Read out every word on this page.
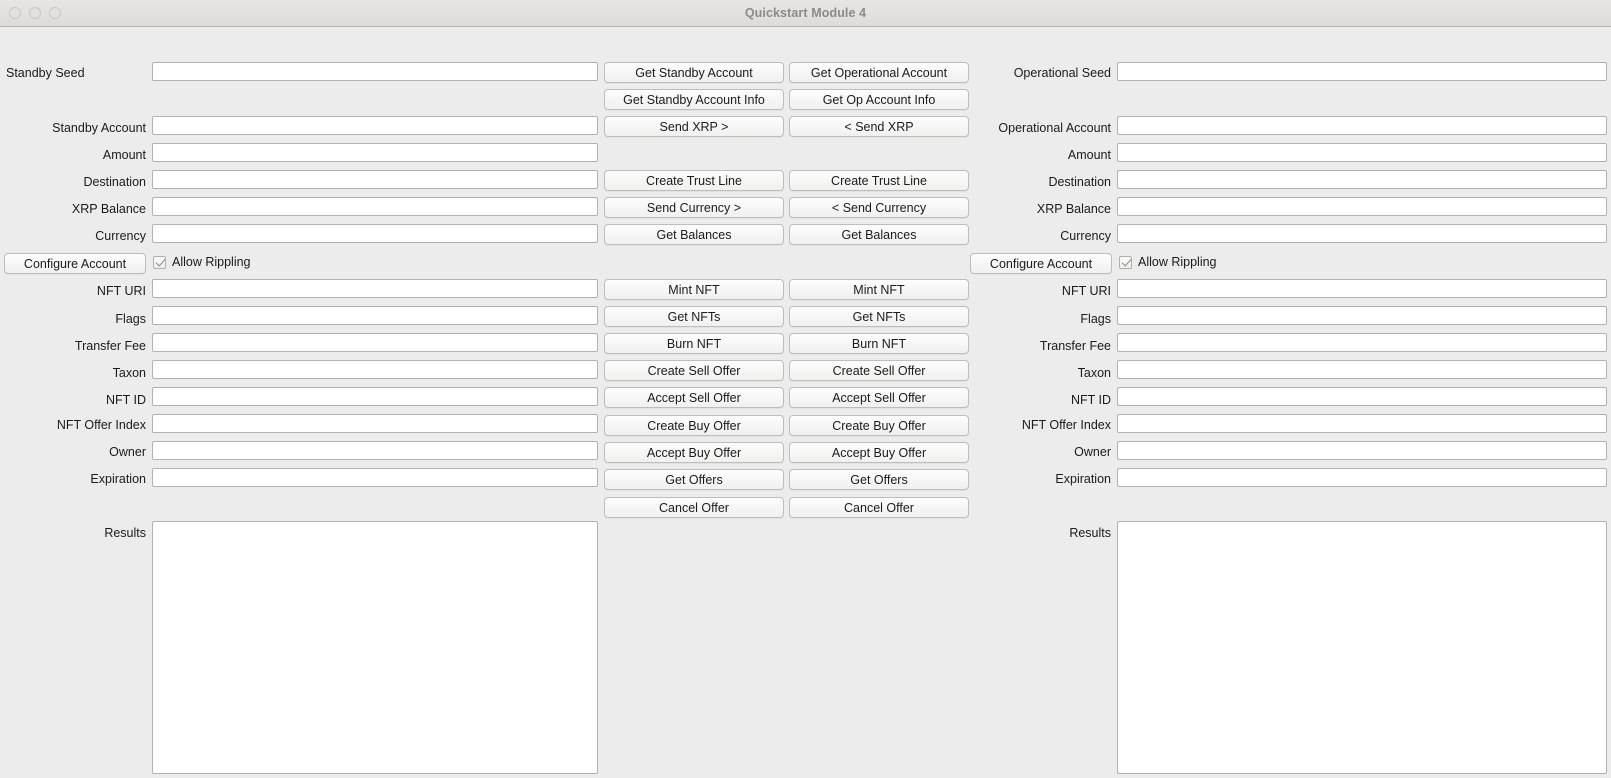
Quickstart Module 4
Standby Seed
Standby Account
Amount
Destination
XRP Balance
Currency
NFT URI
Flags
Transfer Fee
Taxon
NFT ID
NFT Offer Index
Owner
Expiration
Results
Configure Account	Allow Rippling
Get Standby Account
Get Standby Account Info
Send XRP >
Create Trust Line
Send Currency >
Get Balances
Mint NFT
Get NFTs
Burn NFT
Create Sell Offer
Accept Sell Offer
Create Buy Offer
Accept Buy Offer
Get Offers
Cancel Offer
Get Operational Account
Get Op Account Info
< Send XRP
Create Trust Line
< Send Currency
Get Balances
Mint NFT
Get NFTs
Burn NFT
Create Sell Offer
Accept Sell Offer
Create Buy Offer
Accept Buy Offer
Get Offers
Cancel Offer
Operational Seed
Operational Account
Amount
Destination
XRP Balance
Currency
NFT URI
Flags
Transfer Fee
Taxon
NFT ID
NFT Offer Index
Owner
Expiration
Results
Configure Account	Allow Rippling
